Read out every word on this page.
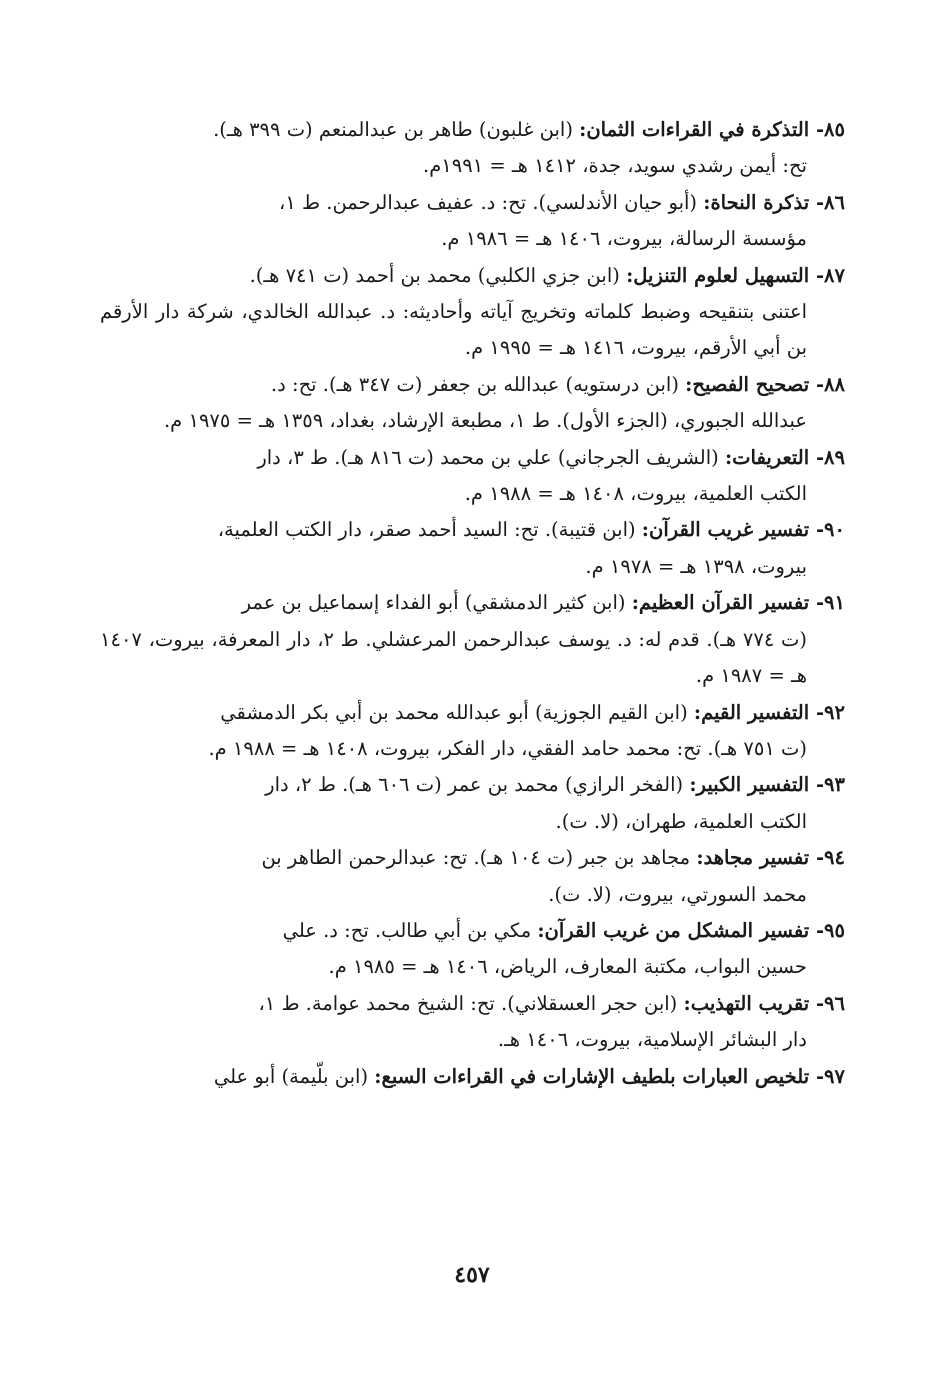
٨٥- التذكرة في القراءات الثمان: (ابن غلبون) طاهر بن عبدالمنعم (ت ٣٩٩ هـ).
تح: أيمن رشدي سويد، جدة، ١٤١٢ هـ = ١٩٩١م.

٨٦- تذكرة النحاة: (أبو حيان الأندلسي). تح: د. عفيف عبدالرحمن. ط ١،
مؤسسة الرسالة، بيروت، ١٤٠٦ هـ = ١٩٨٦ م.

٨٧- التسهيل لعلوم التنزيل: (ابن جزي الكلبي) محمد بن أحمد (ت ٧٤١ هـ).
اعتنى بتنقيحه وضبط كلماته وتخريج آياته وأحاديثه: د. عبدالله الخالدي، شركة دار الأرقم بن أبي الأرقم، بيروت، ١٤١٦ هـ = ١٩٩٥ م.

٨٨- تصحيح الفصيح: (ابن درستويه) عبدالله بن جعفر (ت ٣٤٧ هـ). تح: د.
عبدالله الجبوري، (الجزء الأول). ط ١، مطبعة الإرشاد، بغداد، ١٣٥٩ هـ = ١٩٧٥ م.

٨٩- التعريفات: (الشريف الجرجاني) علي بن محمد (ت ٨١٦ هـ). ط ٣، دار
الكتب العلمية، بيروت، ١٤٠٨ هـ = ١٩٨٨ م.

٩٠- تفسير غريب القرآن: (ابن قتيبة). تح: السيد أحمد صقر، دار الكتب العلمية،
بيروت، ١٣٩٨ هـ = ١٩٧٨ م.

٩١- تفسير القرآن العظيم: (ابن كثير الدمشقي) أبو الفداء إسماعيل بن عمر
(ت ٧٧٤ هـ). قدم له: د. يوسف عبدالرحمن المرعشلي. ط ٢، دار المعرفة، بيروت، ١٤٠٧ هـ = ١٩٨٧ م.

٩٢- التفسير القيم: (ابن القيم الجوزية) أبو عبدالله محمد بن أبي بكر الدمشقي
(ت ٧٥١ هـ). تح: محمد حامد الفقي، دار الفكر، بيروت، ١٤٠٨ هـ = ١٩٨٨ م.

٩٣- التفسير الكبير: (الفخر الرازي) محمد بن عمر (ت ٦٠٦ هـ). ط ٢، دار
الكتب العلمية، طهران، (لا. ت).

٩٤- تفسير مجاهد: مجاهد بن جبر (ت ١٠٤ هـ). تح: عبدالرحمن الطاهر بن
محمد السورتي، بيروت، (لا. ت).

٩٥- تفسير المشكل من غريب القرآن: مكي بن أبي طالب. تح: د. علي
حسين البواب، مكتبة المعارف، الرياض، ١٤٠٦ هـ = ١٩٨٥ م.

٩٦- تقريب التهذيب: (ابن حجر العسقلاني). تح: الشيخ محمد عوامة. ط ١،
دار البشائر الإسلامية، بيروت، ١٤٠٦ هـ.

٩٧- تلخيص العبارات بلطيف الإشارات في القراءات السبع: (ابن بلّيمة) أبو علي

٤٥٧
